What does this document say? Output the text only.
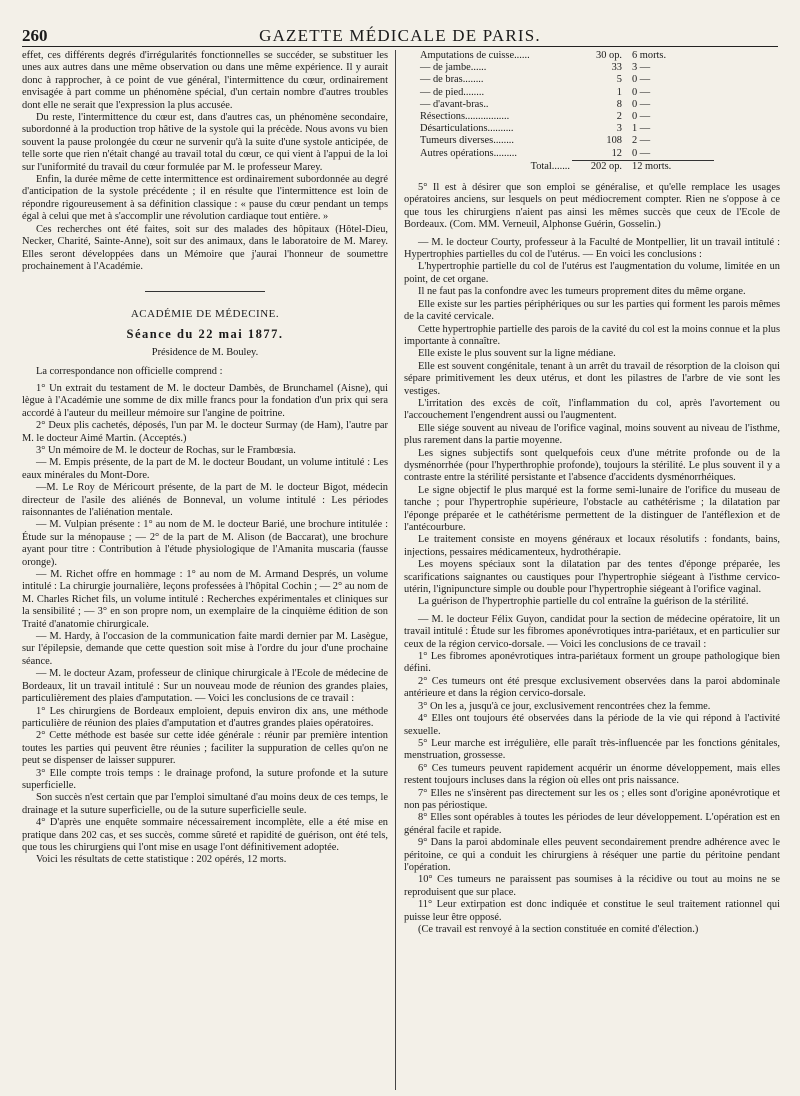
260	GAZETTE MÉDICALE DE PARIS.

effet, ces différents degrés d'irrégularités fonctionnelles se succéder, se substituer les unes aux autres dans une même observation ou dans une même expérience. Il y aurait donc à rapprocher, à ce point de vue général, l'intermittence du cœur, ordinairement envisagée à part comme un phénomène spécial, d'un certain nombre d'autres troubles dont elle ne serait que l'expression la plus accusée.

Du reste, l'intermittence du cœur est, dans d'autres cas, un phénomène secondaire, subordonné à la production trop hâtive de la systole qui la précède. Nous avons vu bien souvent la pause prolongée du cœur ne survenir qu'à la suite d'une systole anticipée, de telle sorte que rien n'était changé au travail total du cœur, ce qui vient à l'appui de la loi sur l'uniformité du travail du cœur formulée par M. le professeur Marey.

Enfin, la durée même de cette intermittence est ordinairement subordonnée au degré d'anticipation de la systole précédente ; il en résulte que l'intermittence est loin de répondre rigoureusement à sa définition classique : « pause du cœur pendant un temps égal à celui que met à s'accomplir une révolution cardiaque tout entière. »

Ces recherches ont été faites, soit sur des malades des hôpitaux (Hôtel-Dieu, Necker, Charité, Sainte-Anne), soit sur des animaux, dans le laboratoire de M. Marey. Elles seront développées dans un Mémoire que j'aurai l'honneur de soumettre prochainement à l'Académie.

ACADÉMIE DE MÉDECINE.
Séance du 22 mai 1877.
Présidence de M. Bouley.

La correspondance non officielle comprend :

1° Un extrait du testament de M. le docteur Dambès, de Brunchamel (Aisne), qui lègue à l'Académie une somme de dix mille francs pour la fondation d'un prix qui sera accordé à l'auteur du meilleur mémoire sur l'angine de poitrine.

2° Deux plis cachetés, déposés, l'un par M. le docteur Surmay (de Ham), l'autre par M. le docteur Aimé Martin. (Acceptés.)

3° Un mémoire de M. le docteur de Rochas, sur le Frambœsia.

— M. Empis présente, de la part de M. le docteur Boudant, un volume intitulé : Les eaux minérales du Mont-Dore.

—M. Le Roy de Méricourt présente, de la part de M. le docteur Bigot, médecin directeur de l'asile des aliénés de Bonneval, un volume intitulé : Les périodes raisonnantes de l'aliénation mentale.

— M. Vulpian présente : 1° au nom de M. le docteur Barié, une brochure intitulée : Étude sur la ménopause ; — 2° de la part de M. Alison (de Baccarat), une brochure ayant pour titre : Contribution à l'étude physiologique de l'Amanita muscaria (fausse oronge).

— M. Richet offre en hommage : 1° au nom de M. Armand Després, un volume intitulé : La chirurgie journalière, leçons professées à l'hôpital Cochin ; — 2° au nom de M. Charles Richet fils, un volume intitulé : Recherches expérimentales et cliniques sur la sensibilité ; — 3° en son propre nom, un exemplaire de la cinquième édition de son Traité d'anatomie chirurgicale.

— M. Hardy, à l'occasion de la communication faite mardi dernier par M. Lasègue, sur l'épilepsie, demande que cette question soit mise à l'ordre du jour d'une prochaine séance.

— M. le docteur Azam, professeur de clinique chirurgicale à l'Ecole de médecine de Bordeaux, lit un travail intitulé : Sur un nouveau mode de réunion des grandes plaies, particulièrement des plaies d'amputation. — Voici les conclusions de ce travail :

1° Les chirurgiens de Bordeaux emploient, depuis environ dix ans, une méthode particulière de réunion des plaies d'amputation et d'autres grandes plaies opératoires.

2° Cette méthode est basée sur cette idée générale : réunir par première intention toutes les parties qui peuvent être réunies ; faciliter la suppuration de celles qu'on ne peut se dispenser de laisser suppurer.

3° Elle compte trois temps : le drainage profond, la suture profonde et la suture superficielle.

Son succès n'est certain que par l'emploi simultané d'au moins deux de ces temps, le drainage et la suture superficielle, ou de la suture superficielle seule.

4° D'après une enquête sommaire nécessairement incomplète, elle a été mise en pratique dans 202 cas, et ses succès, comme sûreté et rapidité de guérison, ont été tels, que tous les chirurgiens qui l'ont mise en usage l'ont définitivement adoptée.

Voici les résultats de cette statistique : 202 opérés, 12 morts.

Amputations de cuisse......	30 op.	6 morts.
— de jambe......	33	3 —
— de bras........	5	0 —
— de pied........	1	0 —
— d'avant-bras..	8	0 —
Résections.................	2	0 —
Désarticulations..........	3	1 —
Tumeurs diverses........	108	2 —
Autres opérations.........	12	0 —
Total.......	202 op.	12 morts.

5° Il est à désirer que son emploi se généralise, et qu'elle remplace les usages opératoires anciens, sur lesquels on peut médiocrement compter. Rien ne s'oppose à ce que tous les chirurgiens n'aient pas ainsi les mêmes succès que ceux de l'Ecole de Bordeaux. (Com. MM. Verneuil, Alphonse Guérin, Gosselin.)

— M. le docteur Courty, professeur à la Faculté de Montpellier, lit un travail intitulé : Hypertrophies partielles du col de l'utérus. — En voici les conclusions :

L'hypertrophie partielle du col de l'utérus est l'augmentation du volume, limitée en un point, de cet organe.

Il ne faut pas la confondre avec les tumeurs proprement dites du même organe.

Elle existe sur les parties périphériques ou sur les parties qui forment les parois mêmes de la cavité cervicale.

Cette hypertrophie partielle des parois de la cavité du col est la moins connue et la plus importante à connaître.

Elle existe le plus souvent sur la ligne médiane.

Elle est souvent congénitale, tenant à un arrêt du travail de résorption de la cloison qui sépare primitivement les deux utérus, et dont les pilastres de l'arbre de vie sont les vestiges.

L'irritation des excès de coït, l'inflammation du col, après l'avortement ou l'accouchement l'engendrent aussi ou l'augmentent.

Elle siége souvent au niveau de l'orifice vaginal, moins souvent au niveau de l'isthme, plus rarement dans la partie moyenne.

Les signes subjectifs sont quelquefois ceux d'une métrite profonde ou de la dysménorrhée (pour l'hyperthrophie profonde), toujours la stérilité. Le plus souvent il y a contraste entre la stérilité persistante et l'absence d'accidents dysménorrhéiques.

Le signe objectif le plus marqué est la forme semi-lunaire de l'orifice du museau de tanche ; pour l'hypertrophie supérieure, l'obstacle au cathétérisme ; la dilatation par l'éponge préparée et le cathétérisme permettent de la distinguer de l'antéflexion et de l'antécourbure.

Le traitement consiste en moyens généraux et locaux résolutifs : fondants, bains, injections, pessaires médicamenteux, hydrothérapie.

Les moyens spéciaux sont la dilatation par des tentes d'éponge préparée, les scarifications saignantes ou caustiques pour l'hypertrophie siégeant à l'isthme cervico-utérin, l'ignipuncture simple ou double pour l'hypertrophie siégeant à l'orifice vaginal.

La guérison de l'hypertrophie partielle du col entraîne la guérison de la stérilité.

— M. le docteur Félix Guyon, candidat pour la section de médecine opératoire, lit un travail intitulé : Étude sur les fibromes aponévrotiques intra-pariétaux, et en particulier sur ceux de la région cervico-dorsale. — Voici les conclusions de ce travail :

1° Les fibromes aponévrotiques intra-pariétaux forment un groupe pathologique bien défini.

2° Ces tumeurs ont été presque exclusivement observées dans la paroi abdominale antérieure et dans la région cervico-dorsale.

3° On les a, jusqu'à ce jour, exclusivement rencontrées chez la femme.

4° Elles ont toujours été observées dans la période de la vie qui répond à l'activité sexuelle.

5° Leur marche est irrégulière, elle paraît très-influencée par les fonctions génitales, menstruation, grossesse.

6° Ces tumeurs peuvent rapidement acquérir un énorme développement, mais elles restent toujours incluses dans la région où elles ont pris naissance.

7° Elles ne s'insèrent pas directement sur les os ; elles sont d'origine aponévrotique et non pas périostique.

8° Elles sont opérables à toutes les périodes de leur développement. L'opération est en général facile et rapide.

9° Dans la paroi abdominale elles peuvent secondairement prendre adhérence avec le péritoine, ce qui a conduit les chirurgiens à réséquer une partie du péritoine pendant l'opération.

10° Ces tumeurs ne paraissent pas soumises à la récidive ou tout au moins ne se reproduisent que sur place.

11° Leur extirpation est donc indiquée et constitue le seul traitement rationnel qui puisse leur être opposé.

(Ce travail est renvoyé à la section constituée en comité d'élection.)
